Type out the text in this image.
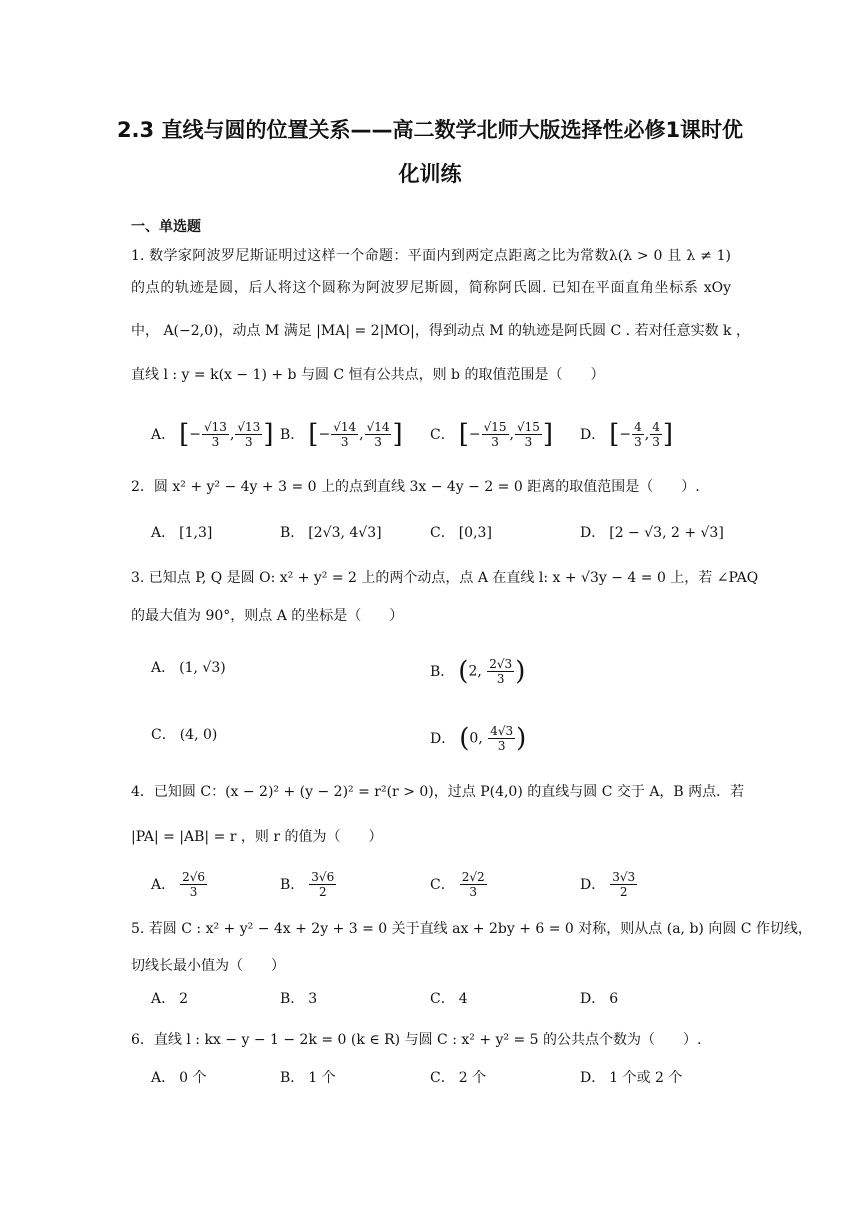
2.3 直线与圆的位置关系——高二数学北师大版选择性必修1课时优
化训练
一、单选题
1. 数学家阿波罗尼斯证明过这样一个命题：平面内到两定点距离之比为常数λ(λ > 0 且 λ ≠ 1)
的点的轨迹是圆，后人将这个圆称为阿波罗尼斯圆，简称阿氏圆. 已知在平面直角坐标系 xOy
中， A(−2,0)，动点 M 满足 |MA| = 2|MO|，得到动点 M 的轨迹是阿氏圆 C . 若对任意实数 k ，
直线 l : y = k(x − 1) + b 与圆 C 恒有公共点，则 b 的取值范围是（　　）
A． [− $\frac{√13}{3}$ , $\frac{√13}{3}$ ] B． [− $\frac{√14}{3}$ , $\frac{√14}{3}$ ] C． [− $\frac{√15}{3}$ , $\frac{√15}{3}$ ] D． [− $\frac{4}{3}$ , $\frac{4}{3}$ ]
2．圆 x² + y² − 4y + 3 = 0 上的点到直线 3x − 4y − 2 = 0 距离的取值范围是（　　）.
A． [1,3]	B． [2√3, 4√3]	C． [0,3]	D． [2 − √3, 2 + √3]
3. 已知点 P, Q 是圆 O: x² + y² = 2 上的两个动点，点 A 在直线 l: x + √3y − 4 = 0 上，若 ∠PAQ
的最大值为 90°，则点 A 的坐标是（　　）
A． (1, √3)	B． (2, $\frac{2√3}{3}$ )
C． (4, 0)	D． (0, $\frac{4√3}{3}$ )
4．已知圆 C：(x − 2)² + (y − 2)² = r²(r > 0)，过点 P(4,0) 的直线与圆 C 交于 A，B 两点．若
|PA| = |AB| = r ，则 r 的值为（　　）
A． $\frac{2√6}{3}$	B． $\frac{3√6}{2}$	C． $\frac{2√2}{3}$	D． $\frac{3√3}{2}$
5. 若圆 C : x² + y² − 4x + 2y + 3 = 0 关于直线 ax + 2by + 6 = 0 对称，则从点 (a, b) 向圆 C 作切线，
切线长最小值为（　　）
A． 2	B． 3	C． 4	D． 6
6．直线 l : kx − y − 1 − 2k = 0 (k ∈ R) 与圆 C : x² + y² = 5 的公共点个数为（　　）.
A． 0 个	B． 1 个	C． 2 个	D． 1 个或 2 个
